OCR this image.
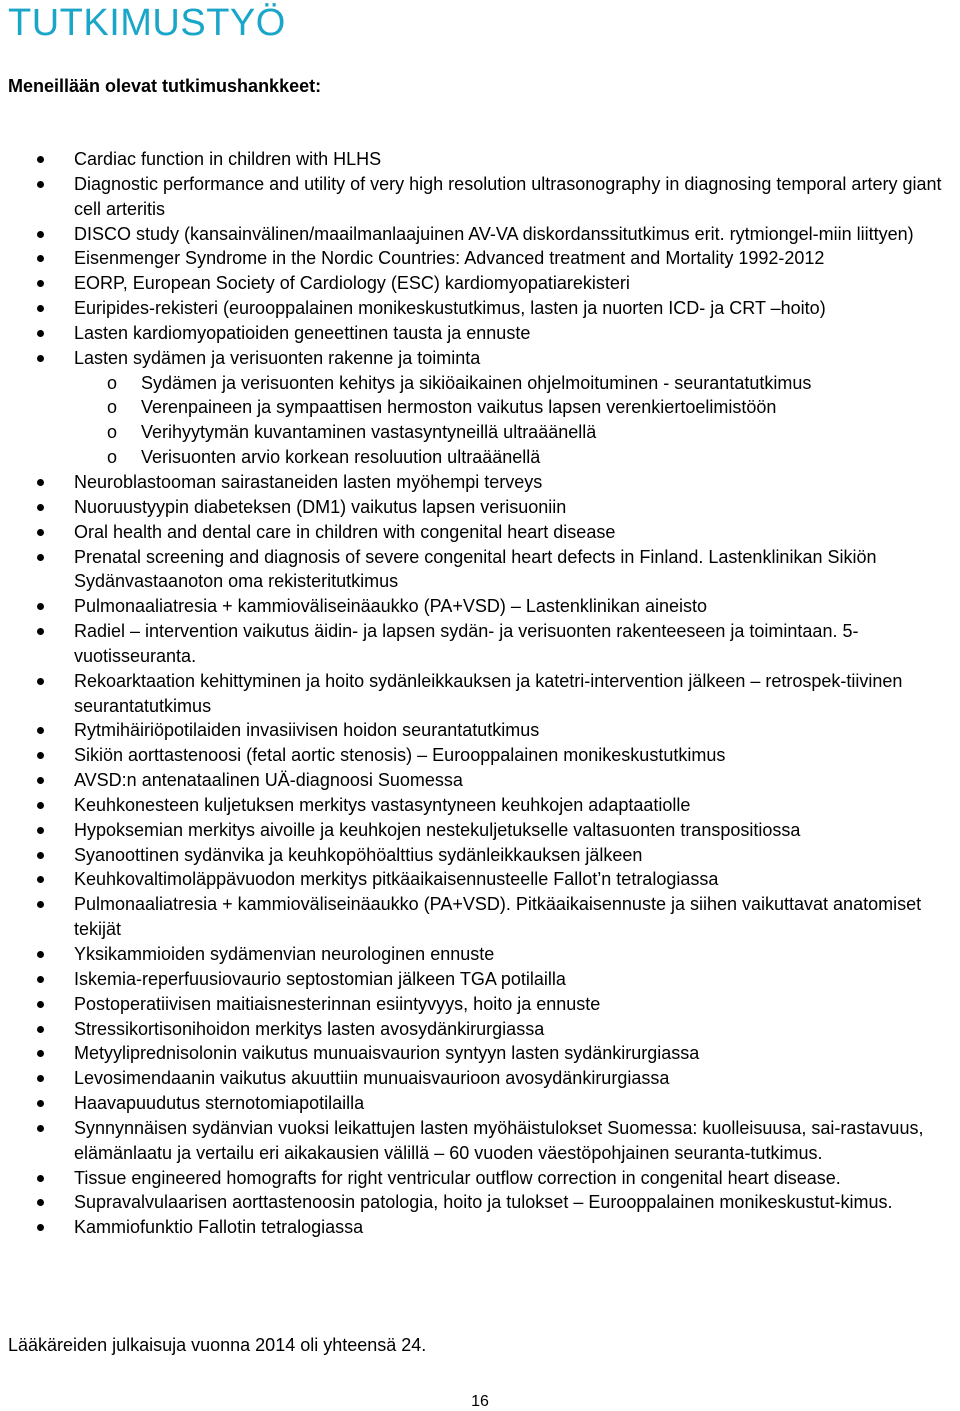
TUTKIMUSTYÖ
Meneillään olevat tutkimushankkeet:
Cardiac function in children with HLHS
Diagnostic performance and utility of very high resolution ultrasonography in diagnosing temporal artery giant cell arteritis
DISCO study (kansainvälinen/maailmanlaajuinen AV-VA diskordanssitutkimus erit. rytmiongel-miin liittyen)
Eisenmenger Syndrome in the Nordic Countries: Advanced treatment and Mortality 1992-2012
EORP, European Society of Cardiology (ESC) kardiomyopatiarekisteri
Euripides-rekisteri (eurooppalainen monikeskustutkimus, lasten ja nuorten ICD- ja CRT –hoito)
Lasten kardiomyopatioiden geneettinen tausta ja ennuste
Lasten sydämen ja verisuonten rakenne ja toiminta
o Sydämen ja verisuonten kehitys ja sikiöaikainen ohjelmoituminen - seurantatutkimus
o Verenpaineen ja sympaattisen hermoston vaikutus lapsen verenkiertoelimistöön
o Verihyytymän kuvantaminen vastasyntyneillä ultraäänellä
o Verisuonten arvio korkean resoluution ultraäänellä
Neuroblastooman sairastaneiden lasten myöhempi terveys
Nuoruustyypin diabeteksen (DM1) vaikutus lapsen verisuoniin
Oral health and dental care in children with congenital heart disease
Prenatal screening and diagnosis of severe congenital heart defects in Finland. Lastenklinikan Sikiön Sydänvastaanoton oma rekisteritutkimus
Pulmonaaliatresia + kammioväliseinäaukko (PA+VSD) – Lastenklinikan aineisto
Radiel – intervention vaikutus äidin- ja lapsen sydän- ja verisuonten rakenteeseen ja toimintaan. 5-vuotisseuranta.
Rekoarktaation kehittyminen ja hoito sydänleikkauksen ja katetri-intervention jälkeen – retrospek-tiivinen seurantatutkimus
Rytmihäiriöpotilaiden invasiivisen hoidon seurantatutkimus
Sikiön aorttastenoosi (fetal aortic stenosis) – Eurooppalainen monikeskustutkimus
AVSD:n antenataalinen UÄ-diagnoosi Suomessa
Keuhkonesteen kuljetuksen merkitys vastasyntyneen keuhkojen adaptaatiolle
Hypoksemian merkitys aivoille ja keuhkojen nestekuljetukselle valtasuonten transpositiossa
Syanoottinen sydänvika ja keuhkopöhöalttius sydänleikkauksen jälkeen
Keuhkovaltimoläppävuodon merkitys pitkäaikaisennusteelle Fallot’n tetralogiassa
Pulmonaaliatresia + kammioväliseinäaukko (PA+VSD). Pitkäaikaisennuste ja siihen vaikuttavat anatomiset tekijät
Yksikammioiden sydämenvian neurologinen ennuste
Iskemia-reperfuusiovaurio septostomian jälkeen TGA potilailla
Postoperatiivisen maitiaisnesterinnan esiintyvyys, hoito ja ennuste
Stressikortisonihoidon merkitys lasten avosydänkirurgiassa
Metyyliprednisolonin vaikutus munuaisvaurion syntyyn lasten sydänkirurgiassa
Levosimendaanin vaikutus akuuttiin munuaisvaurioon avosydänkirurgiassa
Haavapuudutus sternotomiapotilailla
Synnynnäisen sydänvian vuoksi leikattujen lasten myöhäistulokset Suomessa: kuolleisuusa, sai-rastavuus, elämänlaatu ja vertailu eri aikakausien välillä – 60 vuoden väestöpohjainen seuranta-tutkimus.
Tissue engineered homografts for right ventricular outflow correction in congenital heart disease.
Supravalvulaarisen aorttastenoosin patologia, hoito ja tulokset – Eurooppalainen monikeskustut-kimus.
Kammiofunktio Fallotin tetralogiassa

Lääkäreiden julkaisuja vuonna 2014 oli yhteensä 24.

16
